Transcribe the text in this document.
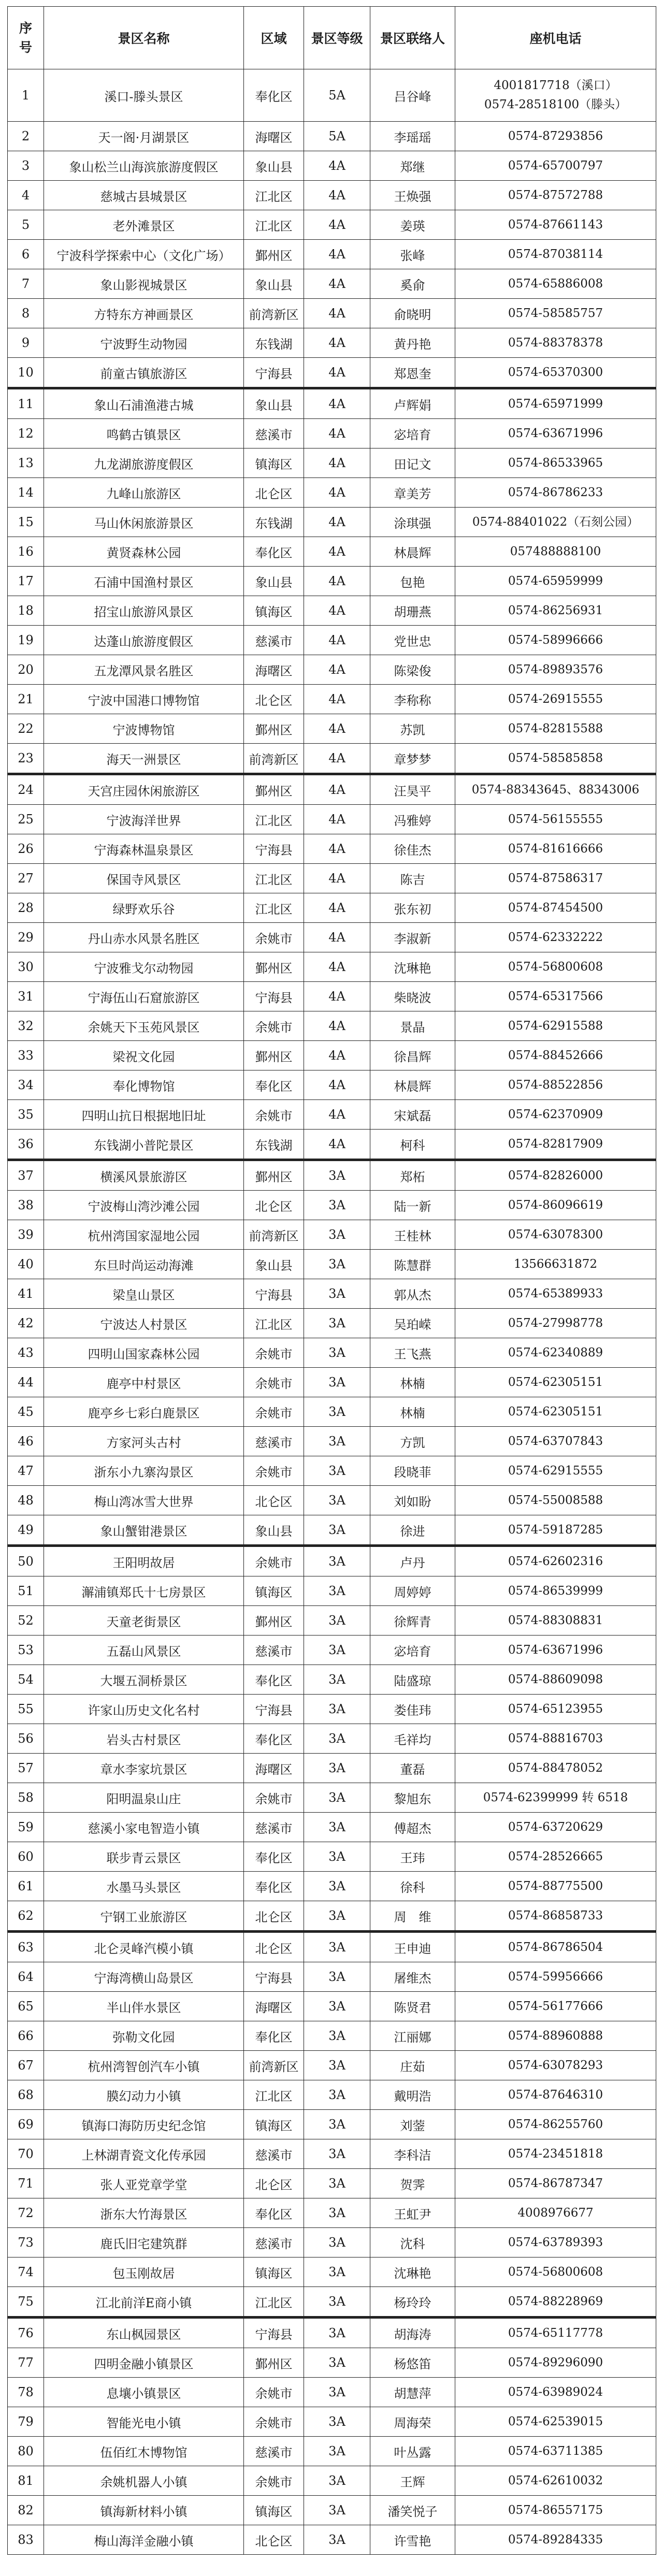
序
号	景区名称	区域	景区等级	景区联络人	座机电话
1	溪口-滕头景区	奉化区	5A	吕谷峰	4001817718（溪口）
0574-28518100（滕头）
2	天一阁·月湖景区	海曙区	5A	李瑶瑶	0574-87293856
3	象山松兰山海滨旅游度假区	象山县	4A	郑继	0574-65700797
4	慈城古县城景区	江北区	4A	王焕强	0574-87572788
5	老外滩景区	江北区	4A	姜瑛	0574-87661143
6	宁波科学探索中心（文化广场）	鄞州区	4A	张峰	0574-87038114
7	象山影视城景区	象山县	4A	奚俞	0574-65886008
8	方特东方神画景区	前湾新区	4A	俞晓明	0574-58585757
9	宁波野生动物园	东钱湖	4A	黄丹艳	0574-88378378
10	前童古镇旅游区	宁海县	4A	郑恩奎	0574-65370300
11	象山石浦渔港古城	象山县	4A	卢辉娟	0574-65971999
12	鸣鹤古镇景区	慈溪市	4A	宓培育	0574-63671996
13	九龙湖旅游度假区	镇海区	4A	田记文	0574-86533965
14	九峰山旅游区	北仑区	4A	章美芳	0574-86786233
15	马山休闲旅游景区	东钱湖	4A	涂琪强	0574-88401022（石刻公园）
16	黄贤森林公园	奉化区	4A	林晨辉	057488888100
17	石浦中国渔村景区	象山县	4A	包艳	0574-65959999
18	招宝山旅游风景区	镇海区	4A	胡珊燕	0574-86256931
19	达蓬山旅游度假区	慈溪市	4A	党世忠	0574-58996666
20	五龙潭风景名胜区	海曙区	4A	陈梁俊	0574-89893576
21	宁波中国港口博物馆	北仑区	4A	李称称	0574-26915555
22	宁波博物馆	鄞州区	4A	苏凯	0574-82815588
23	海天一洲景区	前湾新区	4A	章梦梦	0574-58585858
24	天宫庄园休闲旅游区	鄞州区	4A	汪昊平	0574-88343645、88343006
25	宁波海洋世界	江北区	4A	冯雅婷	0574-56155555
26	宁海森林温泉景区	宁海县	4A	徐佳杰	0574-81616666
27	保国寺风景区	江北区	4A	陈吉	0574-87586317
28	绿野欢乐谷	江北区	4A	张东初	0574-87454500
29	丹山赤水风景名胜区	余姚市	4A	李淑新	0574-62332222
30	宁波雅戈尔动物园	鄞州区	4A	沈琳艳	0574-56800608
31	宁海伍山石窟旅游区	宁海县	4A	柴晓波	0574-65317566
32	余姚天下玉苑风景区	余姚市	4A	景晶	0574-62915588
33	梁祝文化园	鄞州区	4A	徐昌辉	0574-88452666
34	奉化博物馆	奉化区	4A	林晨辉	0574-88522856
35	四明山抗日根据地旧址	余姚市	4A	宋斌磊	0574-62370909
36	东钱湖小普陀景区	东钱湖	4A	柯科	0574-82817909
37	横溪风景旅游区	鄞州区	3A	郑柘	0574-82826000
38	宁波梅山湾沙滩公园	北仑区	3A	陆一新	0574-86096619
39	杭州湾国家湿地公园	前湾新区	3A	王桂林	0574-63078300
40	东旦时尚运动海滩	象山县	3A	陈慧群	13566631872
41	梁皇山景区	宁海县	3A	郭从杰	0574-65389933
42	宁波达人村景区	江北区	3A	吴珀嵘	0574-27998778
43	四明山国家森林公园	余姚市	3A	王飞燕	0574-62340889
44	鹿亭中村景区	余姚市	3A	林楠	0574-62305151
45	鹿亭乡七彩白鹿景区	余姚市	3A	林楠	0574-62305151
46	方家河头古村	慈溪市	3A	方凯	0574-63707843
47	浙东小九寨沟景区	余姚市	3A	段晓菲	0574-62915555
48	梅山湾冰雪大世界	北仑区	3A	刘如盼	0574-55008588
49	象山蟹钳港景区	象山县	3A	徐进	0574-59187285
50	王阳明故居	余姚市	3A	卢丹	0574-62602316
51	澥浦镇郑氏十七房景区	镇海区	3A	周婷婷	0574-86539999
52	天童老街景区	鄞州区	3A	徐辉青	0574-88308831
53	五磊山风景区	慈溪市	3A	宓培育	0574-63671996
54	大堰五洞桥景区	奉化区	3A	陆盛琼	0574-88609098
55	许家山历史文化名村	宁海县	3A	娄佳玮	0574-65123955
56	岩头古村景区	奉化区	3A	毛祥均	0574-88816703
57	章水李家坑景区	海曙区	3A	董磊	0574-88478052
58	阳明温泉山庄	余姚市	3A	黎旭东	0574-62399999 转 6518
59	慈溪小家电智造小镇	慈溪市	3A	傅超杰	0574-63720629
60	联步青云景区	奉化区	3A	王玮	0574-28526665
61	水墨马头景区	奉化区	3A	徐科	0574-88775500
62	宁钢工业旅游区	北仑区	3A	周　维	0574-86858733
63	北仑灵峰汽模小镇	北仑区	3A	王申迪	0574-86786504
64	宁海湾横山岛景区	宁海县	3A	屠维杰	0574-59956666
65	半山伴水景区	海曙区	3A	陈贤君	0574-56177666
66	弥勒文化园	奉化区	3A	江丽娜	0574-88960888
67	杭州湾智创汽车小镇	前湾新区	3A	庄茹	0574-63078293
68	膜幻动力小镇	江北区	3A	戴明浩	0574-87646310
69	镇海口海防历史纪念馆	镇海区	3A	刘蓥	0574-86255760
70	上林湖青瓷文化传承园	慈溪市	3A	李科洁	0574-23451818
71	张人亚党章学堂	北仑区	3A	贺霁	0574-86787347
72	浙东大竹海景区	奉化区	3A	王虹尹	4008976677
73	鹿氏旧宅建筑群	慈溪市	3A	沈科	0574-63789393
74	包玉刚故居	镇海区	3A	沈琳艳	0574-56800608
75	江北前洋E商小镇	江北区	3A	杨玲玲	0574-88228969
76	东山枫园景区	宁海县	3A	胡海涛	0574-65117778
77	四明金融小镇景区	鄞州区	3A	杨悠笛	0574-89296090
78	息壤小镇景区	余姚市	3A	胡慧萍	0574-63989024
79	智能光电小镇	余姚市	3A	周海荣	0574-62539015
80	伍佰红木博物馆	慈溪市	3A	叶丛露	0574-63711385
81	余姚机器人小镇	余姚市	3A	王辉	0574-62610032
82	镇海新材料小镇	镇海区	3A	潘笑悦子	0574-86557175
83	梅山海洋金融小镇	北仑区	3A	许雪艳	0574-89284335
